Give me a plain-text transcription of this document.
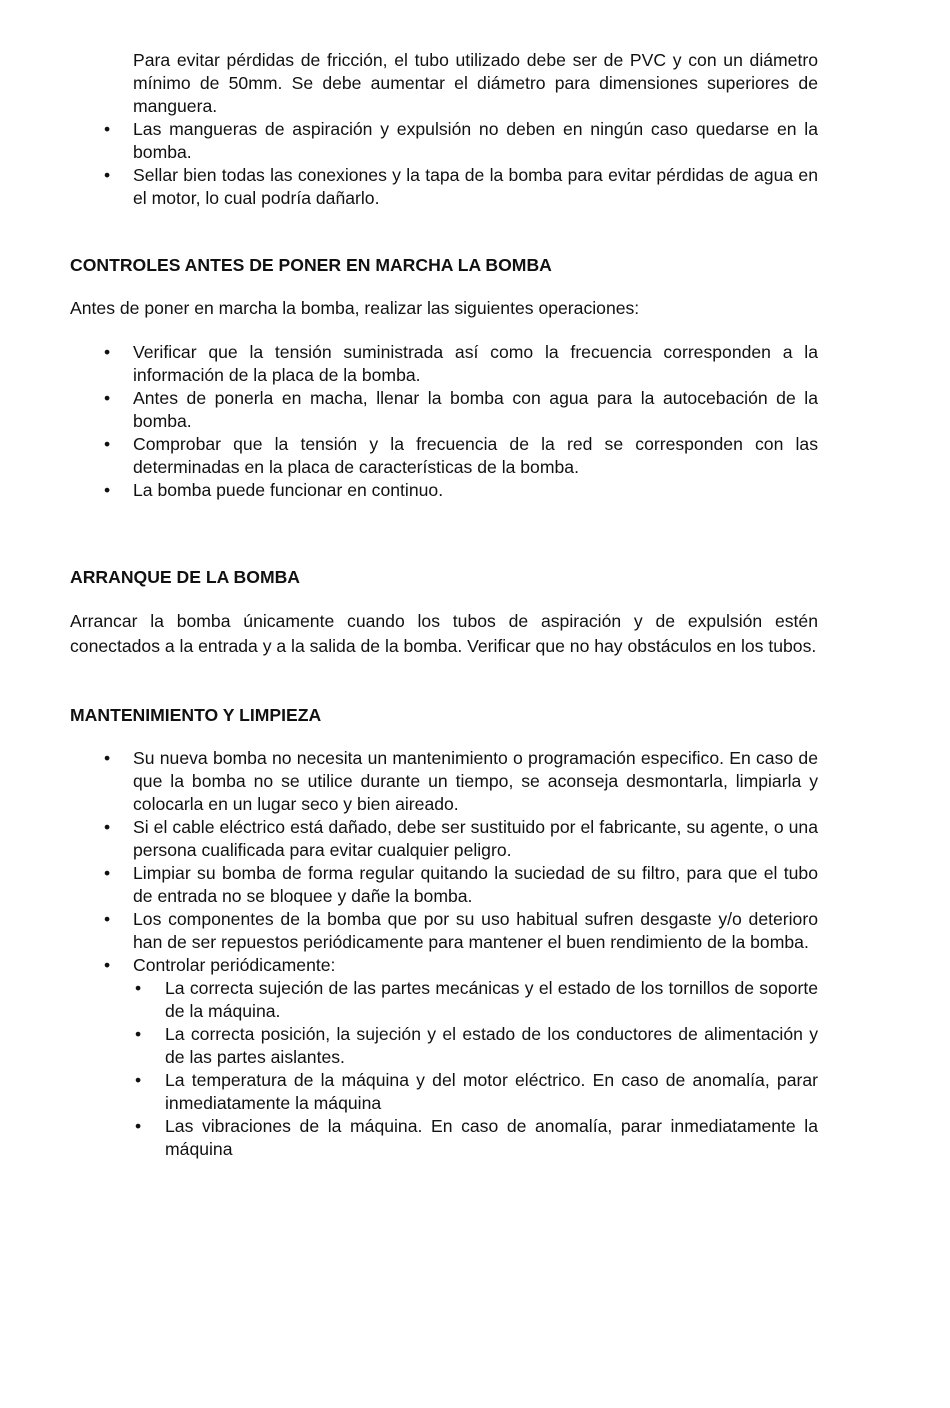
Para evitar pérdidas de fricción, el tubo utilizado debe ser de PVC y con un diámetro mínimo de 50mm. Se debe aumentar el diámetro para dimensiones superiores de manguera.

• Las mangueras de aspiración y expulsión no deben en ningún caso quedarse en la bomba.
• Sellar bien todas las conexiones y la tapa de la bomba para evitar pérdidas de agua en el motor, lo cual podría dañarlo.
CONTROLES ANTES DE PONER EN MARCHA LA BOMBA

Antes de poner en marcha la bomba, realizar las siguientes operaciones:

• Verificar que la tensión suministrada así como la frecuencia corresponden a la información de la placa de la bomba.
• Antes de ponerla en macha, llenar la bomba con agua para la autocebación de la bomba.
• Comprobar que la tensión y la frecuencia de la red se corresponden con las determinadas en la placa de características de la bomba.
• La bomba puede funcionar en continuo.
ARRANQUE DE LA BOMBA

Arrancar la bomba únicamente cuando los tubos de aspiración y de expulsión estén conectados a la entrada y a la salida de la bomba. Verificar que no hay obstáculos en los tubos.

MANTENIMIENTO Y LIMPIEZA
• Su nueva bomba no necesita un mantenimiento o programación especifico. En caso de que la bomba no se utilice durante un tiempo, se aconseja desmontarla, limpiarla y colocarla en un lugar seco y bien aireado.
• Si el cable eléctrico está dañado, debe ser sustituido por el fabricante, su agente, o una persona cualificada para evitar cualquier peligro.
• Limpiar su bomba de forma regular quitando la suciedad de su filtro, para que el tubo de entrada no se bloquee y dañe la bomba.
• Los componentes de la bomba que por su uso habitual sufren desgaste y/o deterioro han de ser repuestos periódicamente para mantener el buen rendimiento de la bomba.
• Controlar periódicamente:
• La correcta sujeción de las partes mecánicas y el estado de los tornillos de soporte de la máquina.
• La correcta posición, la sujeción y el estado de los conductores de alimentación y de las partes aislantes.
• La temperatura de la máquina y del motor eléctrico. En caso de anomalía, parar inmediatamente la máquina
• Las vibraciones de la máquina. En caso de anomalía, parar inmediatamente la máquina
